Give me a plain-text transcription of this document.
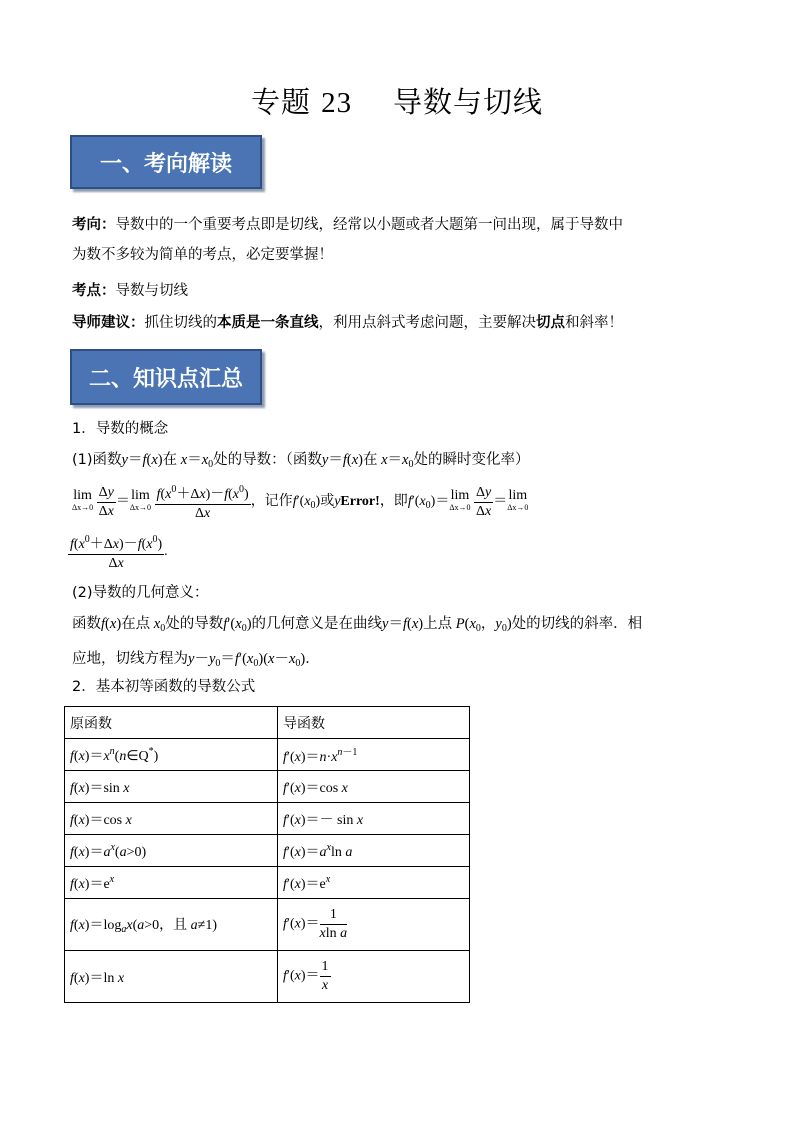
专题 23 导数与切线
一、考向解读
考向：导数中的一个重要考点即是切线，经常以小题或者大题第一问出现，属于导数中
为数不多较为简单的考点，必定要掌握！
考点：导数与切线
导师建议：抓住切线的本质是一条直线，利用点斜式考虑问题，主要解决切点和斜率！
二、知识点汇总
1．导数的概念
(1)函数y＝f(x)在 $x=x_0$处的导数：（函数y＝f(x)在 $x=x_0$处的瞬时变化率）
lim
Δx→0
$\frac{\Delta y}{\Delta x} = \lim$
Δx→0
$\frac{f(x^0+\Delta x)-f(x^0)}{\Delta x}$ ，记作$f'(x_0)$或yError!，即$f'(x_0)= \lim$
Δx→0
$\frac{\Delta y}{\Delta x} = \lim$
Δx→0
$\frac{f(x^0+\Delta x)-f(x^0)}{\Delta x}$ .
(2)导数的几何意义：
函数f(x)在点 $x_0$处的导数$f'(x_0)$的几何意义是在曲线y＝f(x)上点 $P(x_0$，$y_0$)处的切线的斜率．相
应地，切线方程为$y-y_0=f'(x_0)(x-x_0)$．
2．基本初等函数的导数公式
原函数	导函数
$f(x)=x^n(n\in Q^*)$	$f'(x)=n\cdot x^{n-1}$
f(x)＝sin x	f′(x)＝cos x
f(x)＝cos x	f′(x)＝－ sin x
$f(x)=a^x(a>0)$	$f'(x)=a^x\ln$ a
$f(x)=e^x$	$f'(x)=e^x$
$f(x)=\log_ax(a>0$，且 a≠1)	$f'(x)= \frac{1}{\text{xln a}}$

f(x)＝ln x	$f'(x)= \frac{1}{x}$
